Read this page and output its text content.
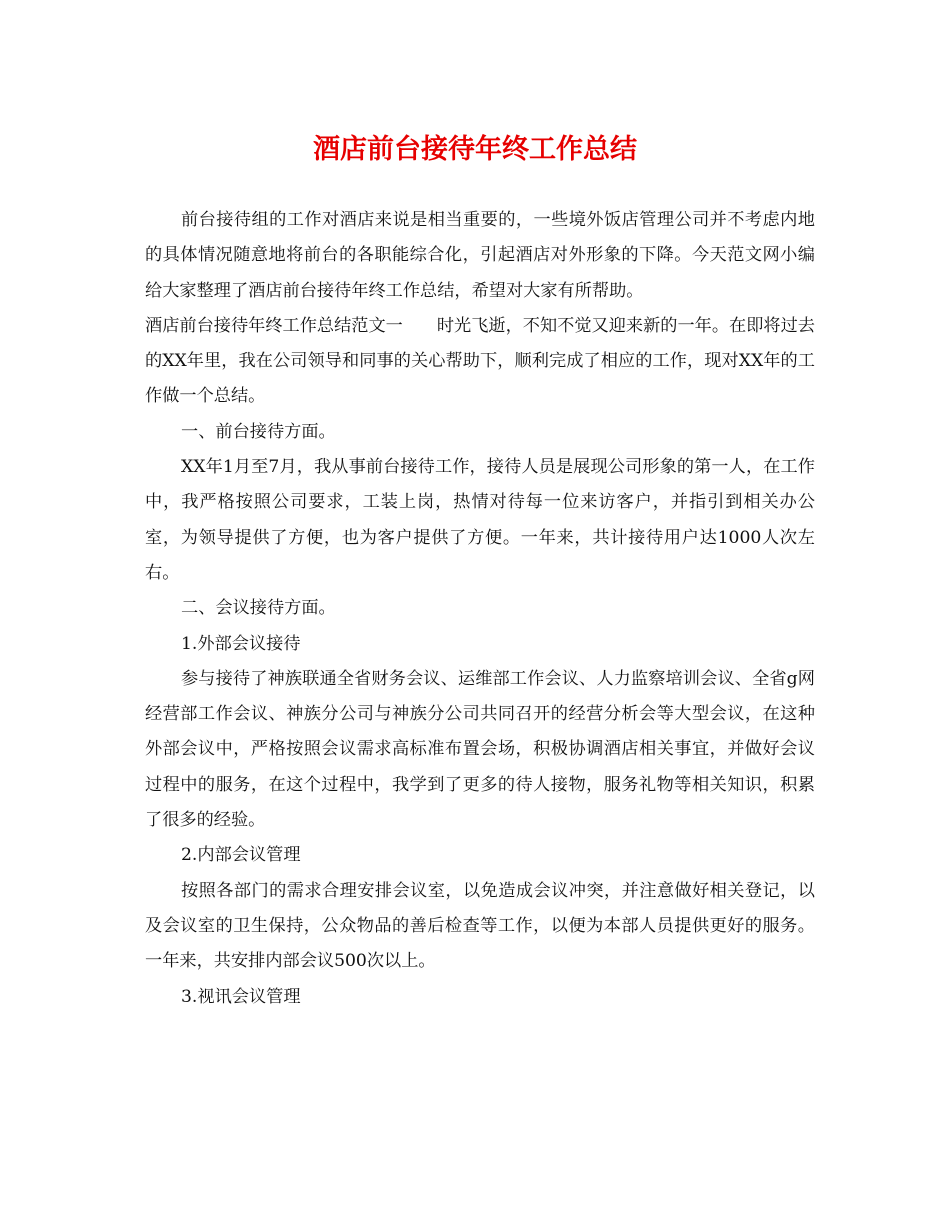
酒店前台接待年终工作总结

前台接待组的工作对酒店来说是相当重要的，一些境外饭店管理公司并不考虑内地的具体情况随意地将前台的各职能综合化，引起酒店对外形象的下降。今天范文网小编给大家整理了酒店前台接待年终工作总结，希望对大家有所帮助。

酒店前台接待年终工作总结范文一 时光飞逝，不知不觉又迎来新的一年。在即将过去的XX年里，我在公司领导和同事的关心帮助下，顺利完成了相应的工作，现对XX年的工作做一个总结。

一、前台接待方面。

XX年1月至7月，我从事前台接待工作，接待人员是展现公司形象的第一人，在工作中，我严格按照公司要求，工装上岗，热情对待每一位来访客户，并指引到相关办公室，为领导提供了方便，也为客户提供了方便。一年来，共计接待用户达1000人次左右。

二、会议接待方面。

1.外部会议接待

参与接待了神族联通全省财务会议、运维部工作会议、人力监察培训会议、全省g网经营部工作会议、神族分公司与神族分公司共同召开的经营分析会等大型会议，在这种外部会议中，严格按照会议需求高标准布置会场，积极协调酒店相关事宜，并做好会议过程中的服务，在这个过程中，我学到了更多的待人接物，服务礼物等相关知识，积累了很多的经验。

2.内部会议管理

按照各部门的需求合理安排会议室，以免造成会议冲突，并注意做好相关登记，以及会议室的卫生保持，公众物品的善后检查等工作，以便为本部人员提供更好的服务。一年来，共安排内部会议500次以上。

3.视讯会议管理
